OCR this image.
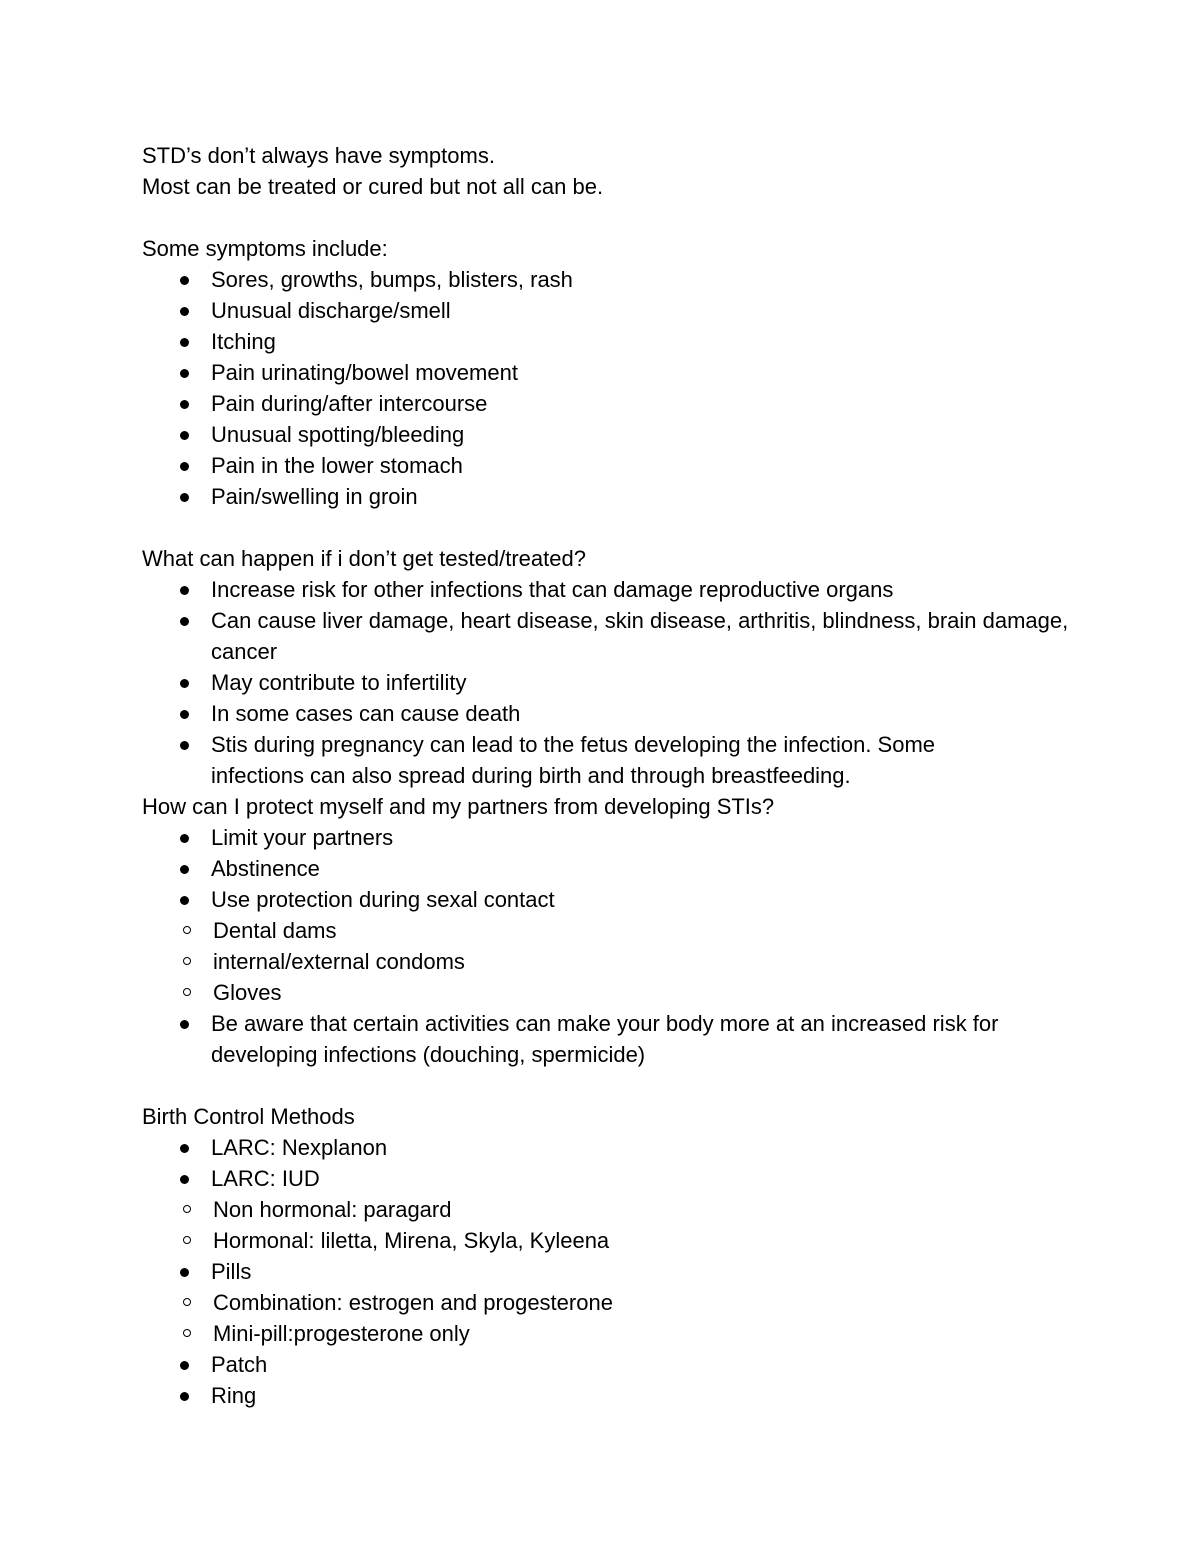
STD’s don’t always have symptoms.
Most can be treated or cured but not all can be.
Some symptoms include:
Sores, growths, bumps, blisters, rash
Unusual discharge/smell
Itching
Pain urinating/bowel movement
Pain during/after intercourse
Unusual spotting/bleeding
Pain in the lower stomach
Pain/swelling in groin
What can happen if i don’t get tested/treated?
Increase risk for other infections that can damage reproductive organs
Can cause liver damage, heart disease, skin disease, arthritis, blindness, brain damage, cancer
May contribute to infertility
In some cases can cause death
Stis during pregnancy can lead to the fetus developing the infection. Some infections can also spread during birth and through breastfeeding.
How can I protect myself and my partners from developing STIs?
Limit your partners
Abstinence
Use protection during sexal contact
Dental dams
internal/external condoms
Gloves
Be aware that certain activities can make your body more at an increased risk for developing infections (douching, spermicide)
Birth Control Methods
LARC: Nexplanon
LARC: IUD
Non hormonal: paragard
Hormonal: liletta, Mirena, Skyla, Kyleena
Pills
Combination: estrogen and progesterone
Mini-pill:progesterone only
Patch
Ring
